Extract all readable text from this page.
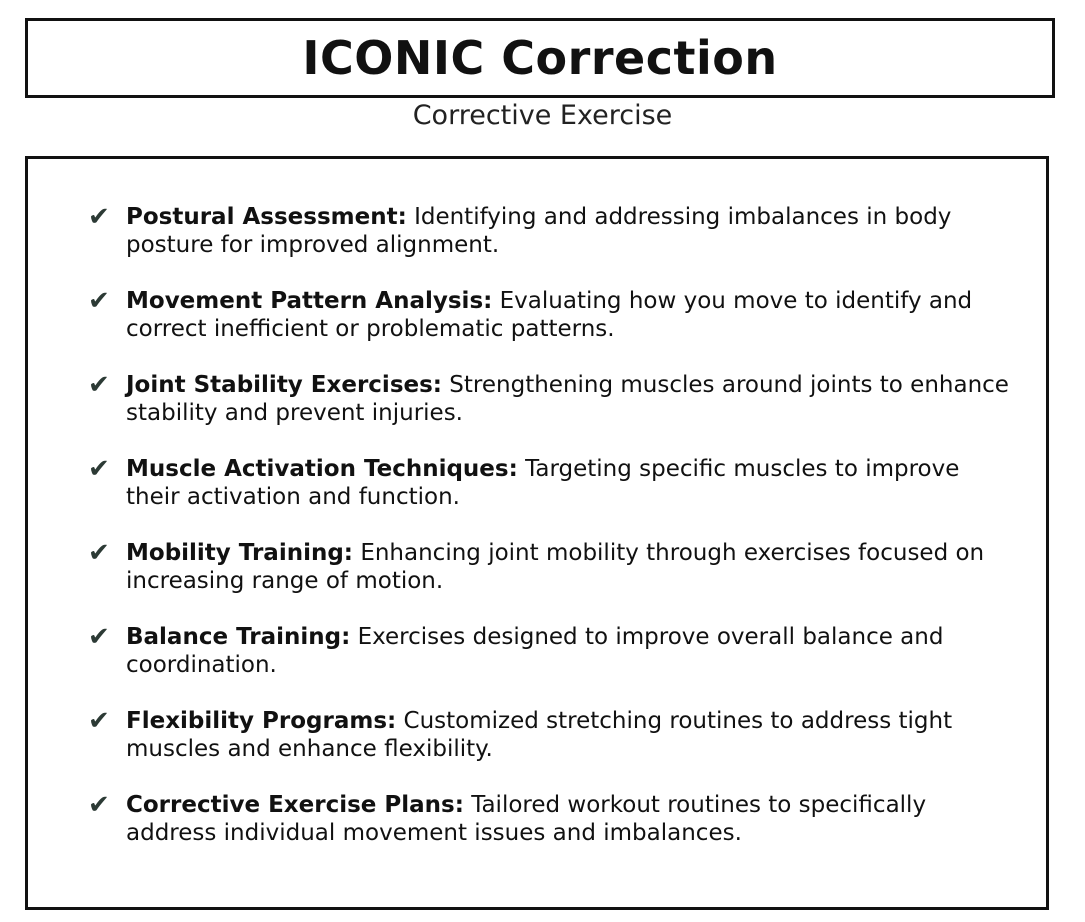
ICONIC Correction
Corrective Exercise
✔ Postural Assessment: Identifying and addressing imbalances in body posture for improved alignment.
✔ Movement Pattern Analysis: Evaluating how you move to identify and correct inefficient or problematic patterns.
✔ Joint Stability Exercises: Strengthening muscles around joints to enhance stability and prevent injuries.
✔ Muscle Activation Techniques: Targeting specific muscles to improve their activation and function.
✔ Mobility Training: Enhancing joint mobility through exercises focused on increasing range of motion.
✔ Balance Training: Exercises designed to improve overall balance and coordination.
✔ Flexibility Programs: Customized stretching routines to address tight muscles and enhance flexibility.
✔ Corrective Exercise Plans: Tailored workout routines to specifically address individual movement issues and imbalances.
